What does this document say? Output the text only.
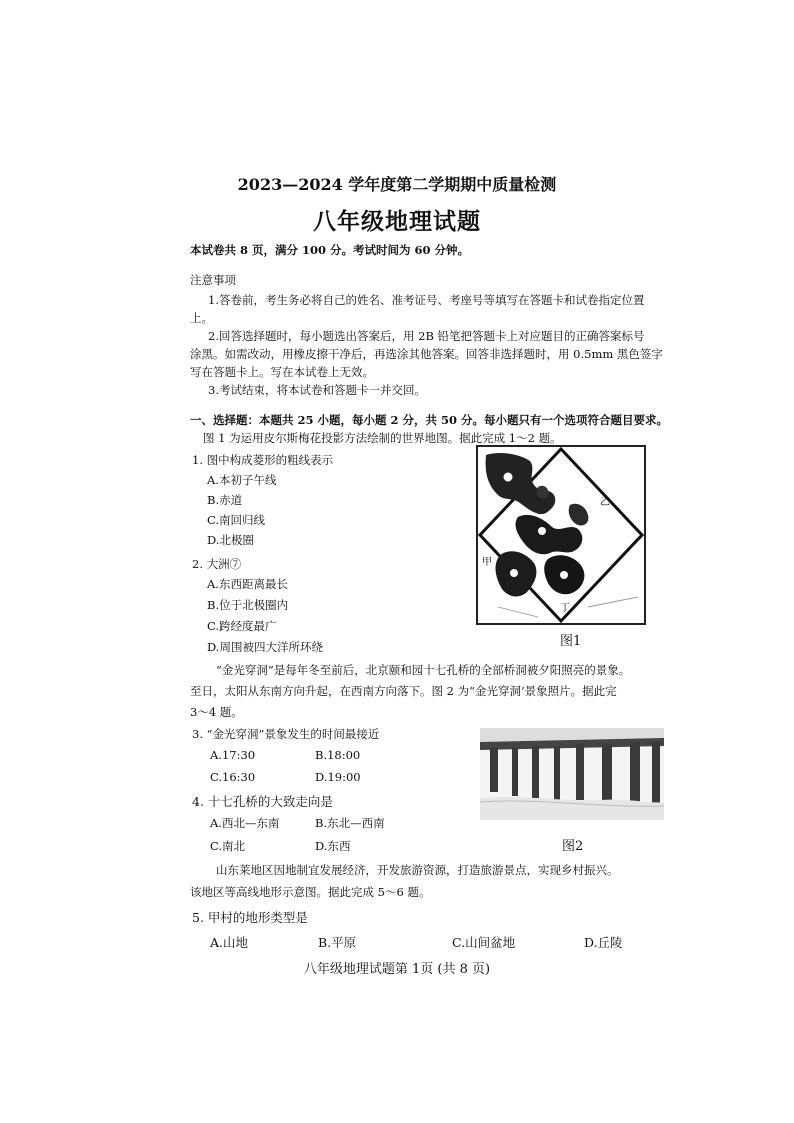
2023—2024 学年度第二学期期中质量检测
八年级地理试题
本试卷共 8 页，满分 100 分。考试时间为 60 分钟。
注意事项
1.答卷前，考生务必将自己的姓名、准考证号、考座号等填写在答题卡和试卷指定位置
上。
2.回答选择题时，每小题选出答案后，用 2B 铅笔把答题卡上对应题目的正确答案标号
涂黑。如需改动，用橡皮擦干净后，再选涂其他答案。回答非选择题时，用 0.5mm 黑色签字
写在答题卡上。写在本试卷上无效。
3.考试结束，将本试卷和答题卡一并交回。
一、选择题：本题共 25 小题，每小题 2 分，共 50 分。每小题只有一个选项符合题目要求。
图 1 为运用皮尔斯梅花投影方法绘制的世界地图。据此完成 1～2 题。
1. 图中构成菱形的粗线表示
A.本初子午线
B.赤道
C.南回归线
D.北极圈
2. 大洲⑦
A.东西距离最长
B.位于北极圈内
C.跨经度最广
D.周围被四大洋所环绕
乙
甲
丁
图1
“金光穿洞”是每年冬至前后，北京颐和园十七孔桥的全部桥洞被夕阳照亮的景象。
至日，太阳从东南方向升起，在西南方向落下。图 2 为“金光穿洞’景象照片。据此完
3～4 题。
3. “金光穿洞”景象发生的时间最接近
A.17:30	B.18:00
C.16:30	D.19:00
图2
4. 十七孔桥的大致走向是
A.西北—东南	B.东北—西南
C.南北	D.东西
山东莱地区因地制宜发展经济，开发旅游资源，打造旅游景点，实现乡村振兴。
该地区等高线地形示意图。据此完成 5～6 题。
5. 甲村的地形类型是
A.山地	B.平原	C.山间盆地	D.丘陵
八年级地理试题第 1页 (共 8 页)
